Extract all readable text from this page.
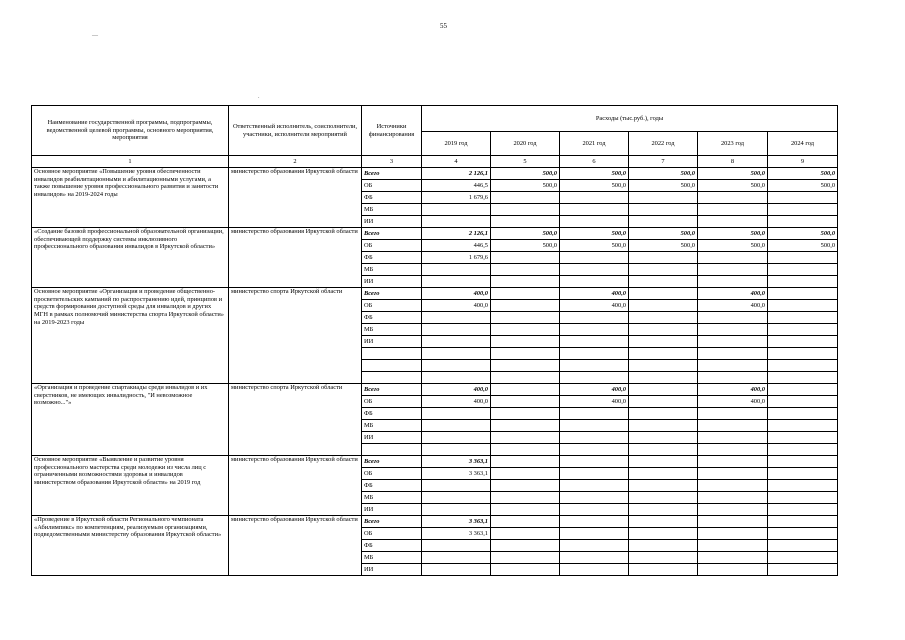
55
—
.
Наименование государственной программы, подпрограммы, ведомственной целевой программы, основного мероприятия, мероприятия	Ответственный исполнитель, соисполнители, участники, исполнители мероприятий	Источники финансирования	Расходы (тыс.руб.), годы					
			2019 год	2020 год	2021 год	2022 год	2023 год	2024 год
1	2	3	4	5	6	7	8	9
Основное мероприятие «Повышение уровня обеспеченности инвалидов реабилитационными и абилитационными услугами, а также повышение уровня профессионального развития и занятости инвалидов» на 2019-2024 годы	министерство образования Иркутской области	Всего	2 126,1	500,0	500,0	500,0	500,0	500,0
		ОБ	446,5	500,0	500,0	500,0	500,0	500,0
		ФБ	1 679,6					
		МБ						
		ИИ						
«Создание базовой профессиональной образовательной организации, обеспечивающей поддержку системы инклюзивного профессионального образования инвалидов в Иркутской области»	министерство образования Иркутской области	Всего	2 126,1	500,0	500,0	500,0	500,0	500,0
		ОБ	446,5	500,0	500,0	500,0	500,0	500,0
		ФБ	1 679,6					
		МБ						
		ИИ						
Основное мероприятие «Организация и проведение общественно-просветительских кампаний по распространению идей, принципов и средств формирования доступной среды для инвалидов и других МГН в рамках полномочий министерства спорта Иркутской области» на 2019-2023 годы	министерство спорта Иркутской области	Всего	400,0		400,0		400,0	
		ОБ	400,0		400,0		400,0	
		ФБ						
		МБ						
		ИИ						

«Организация и проведение спартакиады среди инвалидов и их сверстников, не имеющих инвалидность, "И невозможное возможно..."»	министерство спорта Иркутской области	Всего	400,0		400,0		400,0	
		ОБ	400,0		400,0		400,0	
		ФБ						
		МБ						
		ИИ						

Основное мероприятие «Выявление и развитие уровня профессионального мастерства среди молодежи из числа лиц с ограниченными возможностями здоровья и инвалидов министерством образования Иркутской области» на 2019 год	министерство образования Иркутской области	Всего	3 363,1					
		ОБ	3 363,1					
		ФБ						
		МБ						
		ИИ						
«Проведение в Иркутской области Регионального чемпионата «Абилимпикс» по компетенциям, реализуемым организациями, подведомственными министерству образования Иркутской области»	министерство образования Иркутской области	Всего	3 363,1					
		ОБ	3 363,1					
		ФБ						
		МБ						
		ИИ						
